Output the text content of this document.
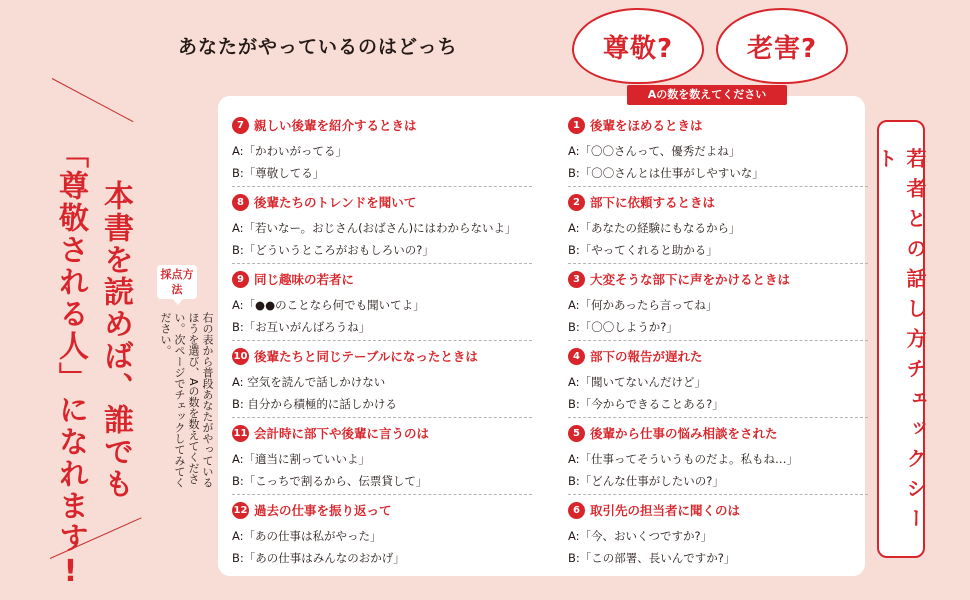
あなたがやっているのはどっち
本書を読めば、誰でも
「尊敬される人」になれます!	採点方法
右の表から普段あなたがやっているほうを選び、Aの数を数えてください。次ページでチェックしてみてください。
尊敬?	老害?
Aの数を数えてください
7 親しい後輩を紹介するときは
A:「かわいがってる」
B:「尊敬してる」
8 後輩たちのトレンドを聞いて
A:「若いなー。おじさん(おばさん)にはわからないよ」
B:「どういうところがおもしろいの?」
9 同じ趣味の若者に
A:「●●のことなら何でも聞いてよ」
B:「お互いがんばろうね」
10 後輩たちと同じテーブルになったときは
A: 空気を読んで話しかけない
B: 自分から積極的に話しかける
11 会計時に部下や後輩に言うのは
A:「適当に割っていいよ」
B:「こっちで割るから、伝票貸して」
12 過去の仕事を振り返って
A:「あの仕事は私がやった」
B:「あの仕事はみんなのおかげ」
1 後輩をほめるときは
A:「〇〇さんって、優秀だよね」
B:「〇〇さんとは仕事がしやすいな」
2 部下に依頼するときは
A:「あなたの経験にもなるから」
B:「やってくれると助かる」
3 大変そうな部下に声をかけるときは
A:「何かあったら言ってね」
B:「〇〇しようか?」
4 部下の報告が遅れた
A:「聞いてないんだけど」
B:「今からできることある?」
5 後輩から仕事の悩み相談をされた
A:「仕事ってそういうものだよ。私もね…」
B:「どんな仕事がしたいの?」
6 取引先の担当者に聞くのは
A:「今、おいくつですか?」
B:「この部署、長いんですか?」
若者との話し方チェックシート
